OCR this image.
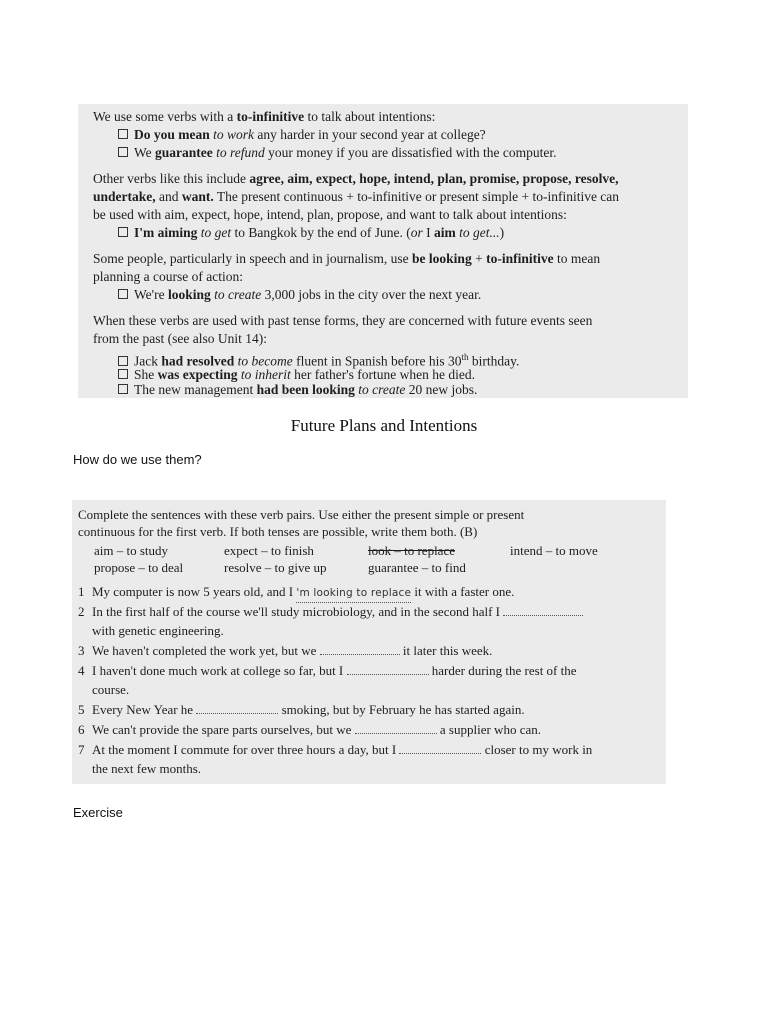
We use some verbs with a to-infinitive to talk about intentions:
Do you mean to work any harder in your second year at college?
We guarantee to refund your money if you are dissatisfied with the computer.
Other verbs like this include agree, aim, expect, hope, intend, plan, promise, propose, resolve,
undertake, and want. The present continuous + to-infinitive or present simple + to-infinitive can
be used with aim, expect, hope, intend, plan, propose, and want to talk about intentions:
I'm aiming to get to Bangkok by the end of June. (or I aim to get...)
Some people, particularly in speech and in journalism, use be looking + to-infinitive to mean
planning a course of action:
We're looking to create 3,000 jobs in the city over the next year.
When these verbs are used with past tense forms, they are concerned with future events seen
from the past (see also Unit 14):
Jack had resolved to become fluent in Spanish before his 30th birthday.
She was expecting to inherit her father's fortune when he died.
The new management had been looking to create 20 new jobs.
Future Plans and Intentions
How do we use them?
Complete the sentences with these verb pairs. Use either the present simple or present
continuous for the first verb. If both tenses are possible, write them both. (B)
aim – to study	expect – to finish	look – to replace	intend – to move
propose – to deal	resolve – to give up	guarantee – to find
1 My computer is now 5 years old, and I 'm looking to replace it with a faster one.
2 In the first half of the course we'll study microbiology, and in the second half I
with genetic engineering.
3 We haven't completed the work yet, but we	it later this week.
4 I haven't done much work at college so far, but I	harder during the rest of the
course.
5 Every New Year he	smoking, but by February he has started again.
6 We can't provide the spare parts ourselves, but we	a supplier who can.
7 At the moment I commute for over three hours a day, but I	closer to my work in
the next few months.
Exercise
